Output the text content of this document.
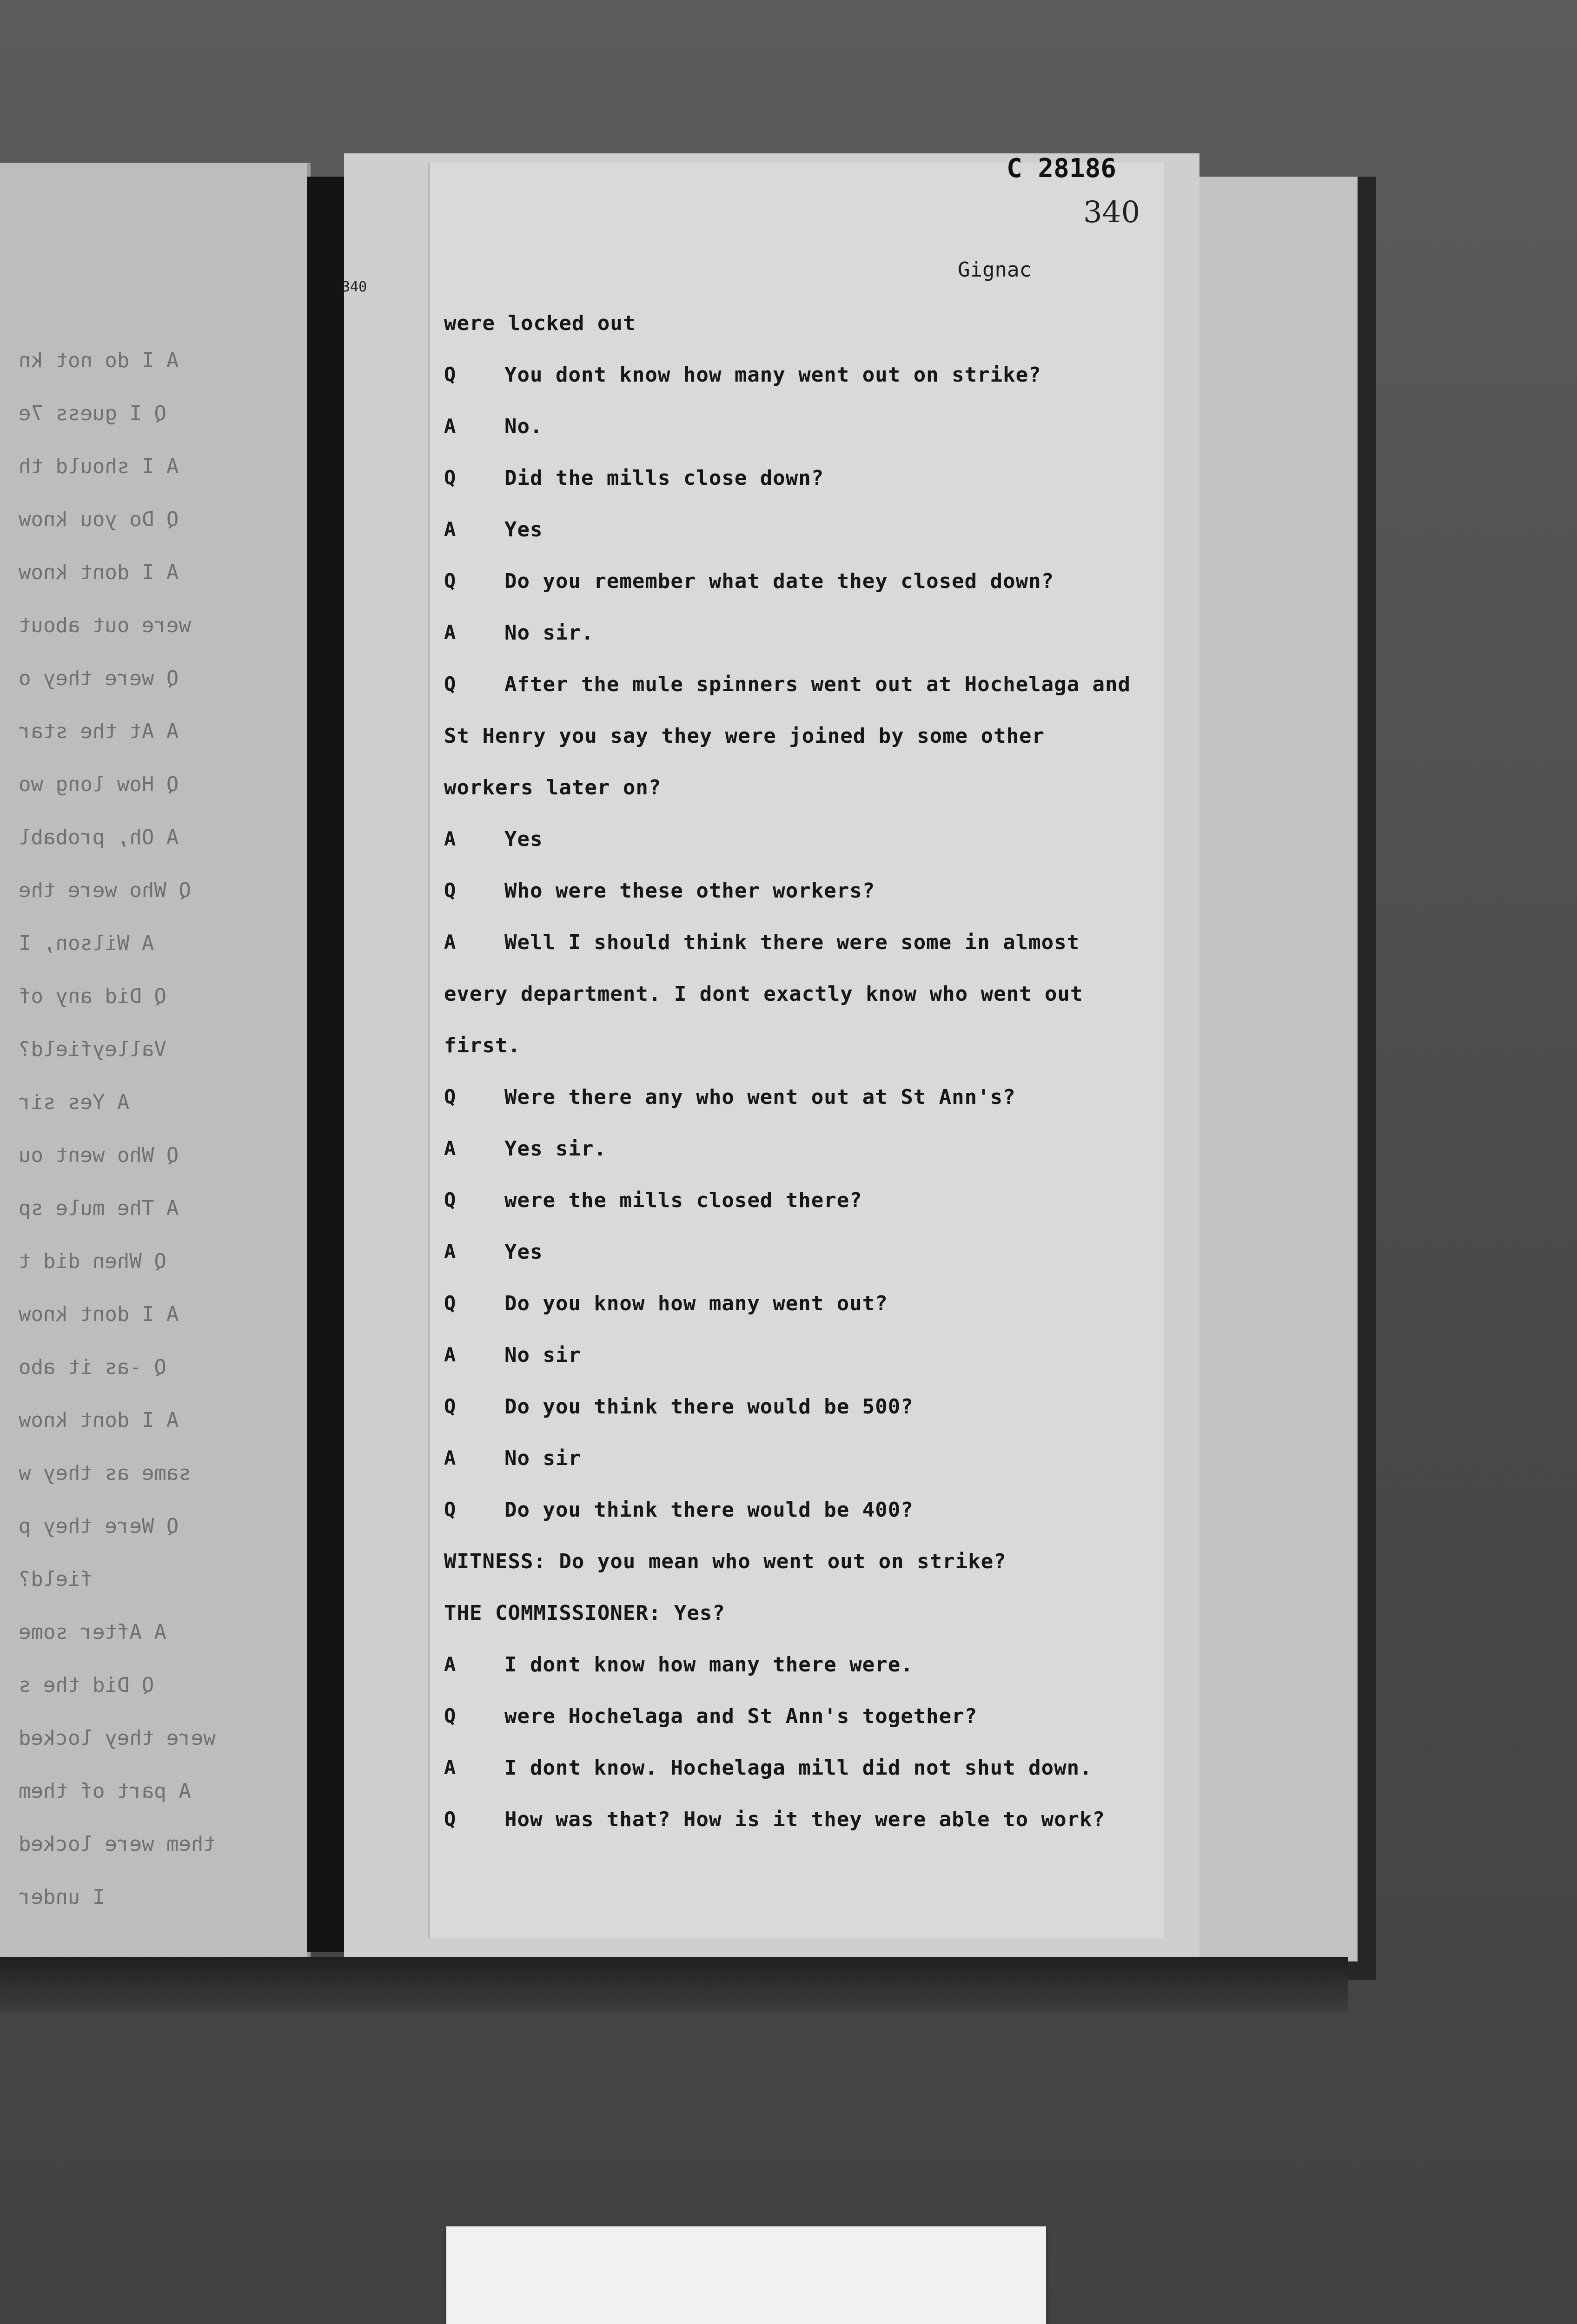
A I do not kn
Q I guess 7e
A I should th
Q Do you know
A I dont know
were out about
Q were they o
A At the star
Q How long wo
A Oh, probabl
Q Who were the
A Wilson, I
Q Did any of
Valleyfield?
A Yes sir
Q Who went ou
A The mule sp
Q When did t
A I dont know
Q -as it abo
A I dont know
same as they w
Q Were they p
field?
A After some
Q Did the s
were they locked
A part of them
them were locked
I under
C 28186
340
Gignac
340
were locked out
Q You dont know how many went out on strike?
A No.
Q Did the mills close down?
A Yes
Q Do you remember what date they closed down?
A No sir.
Q After the mule spinners went out at Hochelaga and
St Henry you say they were joined by some other
workers later on?
A Yes
Q Who were these other workers?
A Well I should think there were some in almost
every department. I dont exactly know who went out
first.
Q Were there any who went out at St Ann's?
A Yes sir.
Q were the mills closed there?
A Yes
Q Do you know how many went out?
A No sir
Q Do you think there would be 500?
A No sir
Q Do you think there would be 400?
WITNESS: Do you mean who went out on strike?
THE COMMISSIONER: Yes?
A I dont know how many there were.
Q were Hochelaga and St Ann's together?
A I dont know. Hochelaga mill did not shut down.
Q How was that? How is it they were able to work?
